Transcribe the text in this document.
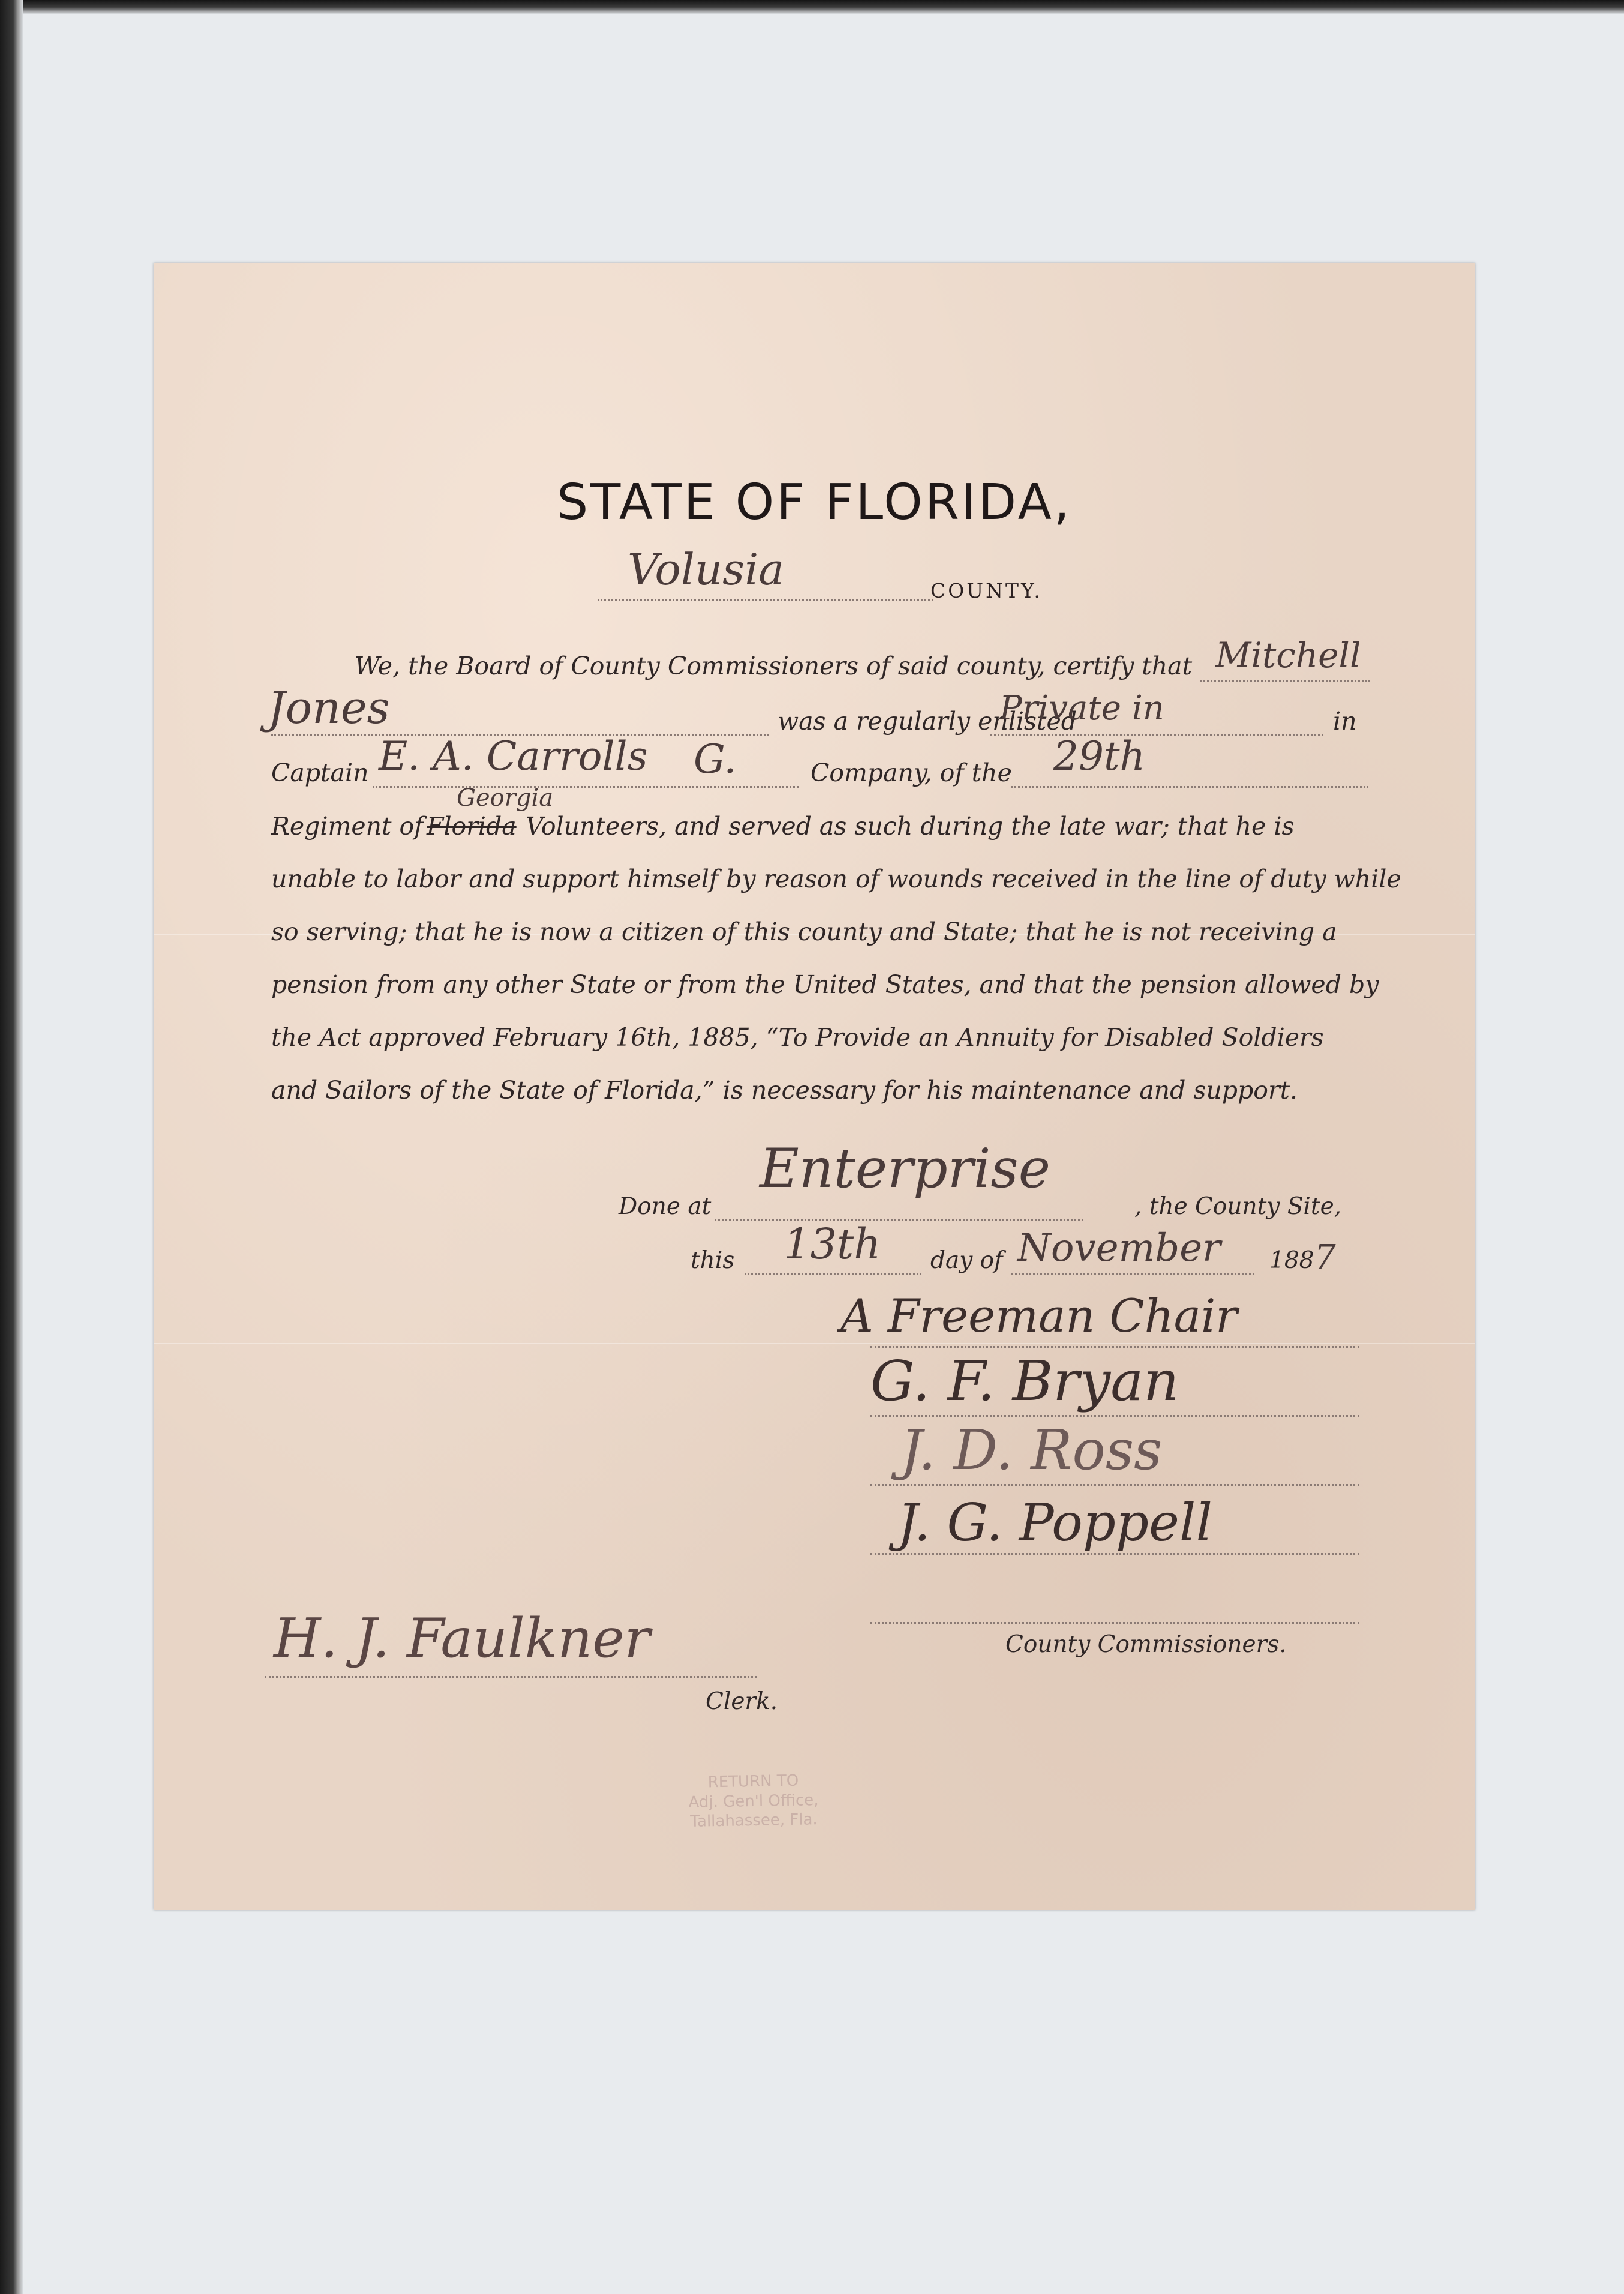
STATE OF FLORIDA,
Volusia	COUNTY.
We, the Board of County Commissioners of said county, certify that Mitchell
Jones	was a regularly enlisted
Private in	in
Captain E. A. Carrolls G.	Company, of the	29th
Regiment of Florida
Georgia
Volunteers, and served as such during the late war; that he is
unable to labor and support himself by reason of wounds received in the line of duty while
so serving; that he is now a citizen of this county and State; that he is not receiving a
pension from any other State or from the United States, and that the pension allowed by
the Act approved February 16th, 1885, “To Provide an Annuity for Disabled Soldiers
and Sailors of the State of Florida,” is necessary for his maintenance and support.
Done at
Enterprise
, the County Site,
this 13th day of November 188 7
A Freeman Chair
G. F. Bryan
J. D. Ross
J. G. Poppell
County Commissioners.
H. J. Faulkner
Clerk.
RETURN TO
Adj. Gen'l Office,
Tallahassee, Fla.
